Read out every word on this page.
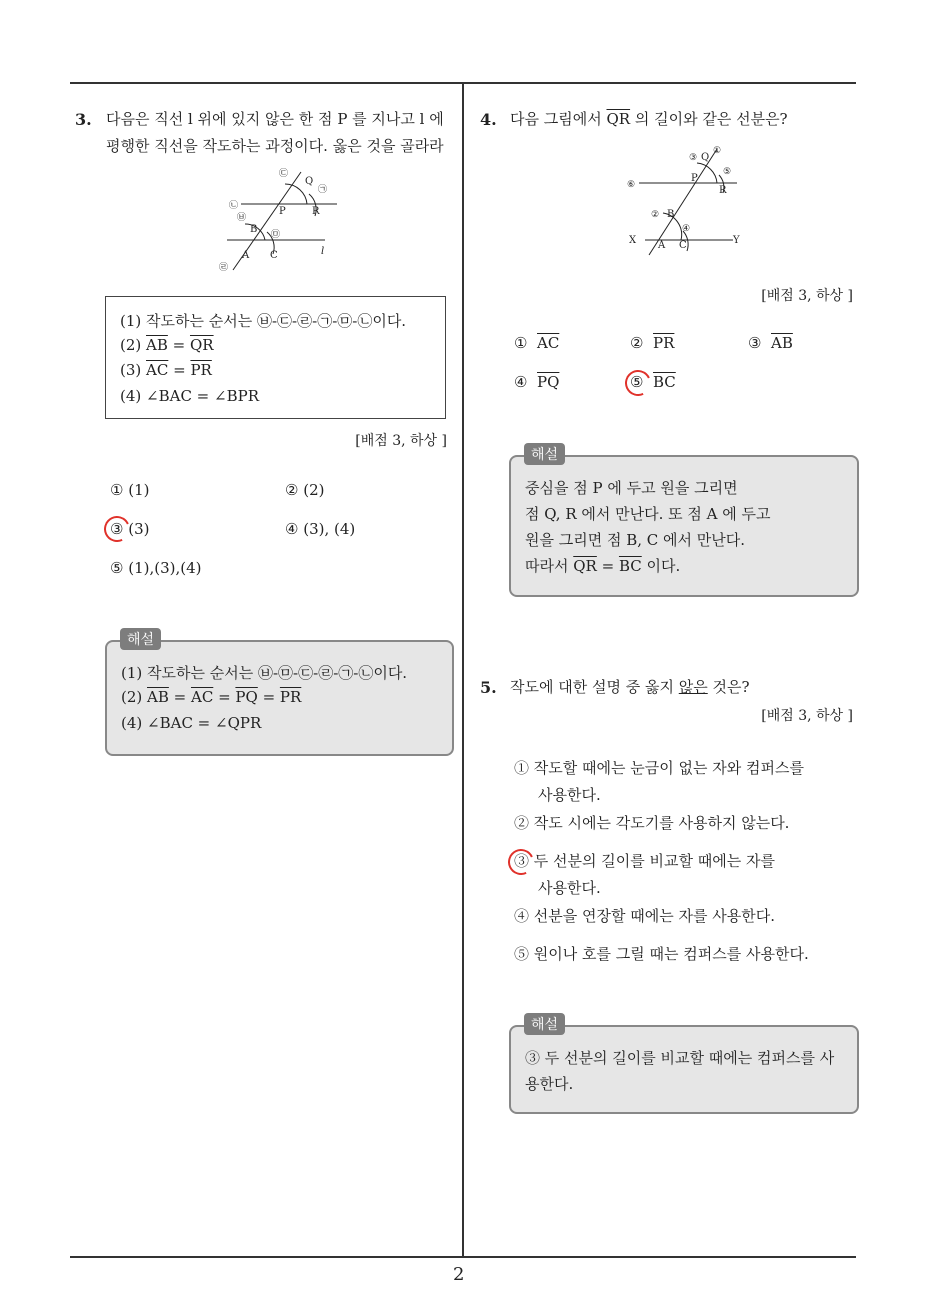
2
3. 다음은 직선 l 위에 있지 않은 한 점 P 를 지나고 l 에
평행한 직선을 작도하는 과정이다. 옳은 것을 골라라
㉢
㉠
㉡
㉥
㉤
㉣
Q
P	R
B
A C	l
(1) 작도하는 순서는 ㉥-㉢-㉣-㉠-㉤-㉡이다.
(2) $\overline{AB} = \overline{QR}$
(3) $\overline{AC} = \overline{PR}$
(4) ∠BAC = ∠BPR
[배점 3, 하상 ]
① (1)	② (2)
③ (3)	④ (3), (4)
⑤ (1),(3),(4)
(1) 작도하는 순서는 ㉥-㉤-㉢-㉣-㉠-㉡이다.
(2) $\overline{AB} = \overline{AC} = \overline{PQ} = \overline{PR}$
(4) ∠BAC = ∠QPR
해설
4. 다음 그림에서 $\overline{QR}$ 의 길이와 같은 선분은?
③
①
⑤
⑥
②
④
Q
P
R
B
X A C	Y
[배점 3, 하상 ]
① $\overline{AC}$	② $\overline{PR}$	③ $\overline{AB}$
④ $\overline{PQ}$	⑤ $\overline{BC}$
중심을 점 P 에 두고 원을 그리면
점 Q, R 에서 만난다. 또 점 A 에 두고
원을 그리면 점 B, C 에서 만난다.
따라서 $\overline{QR} = \overline{BC}$ 이다.
해설
5. 작도에 대한 설명 중 옳지 않은 것은?
[배점 3, 하상 ]
① 작도할 때에는 눈금이 없는 자와 컴퍼스를
사용한다.
② 작도 시에는 각도기를 사용하지 않는다.
③ 두 선분의 길이를 비교할 때에는 자를
사용한다.
④ 선분을 연장할 때에는 자를 사용한다.
⑤ 원이나 호를 그릴 때는 컴퍼스를 사용한다.
③ 두 선분의 길이를 비교할 때에는 컴퍼스를 사
용한다.
해설
